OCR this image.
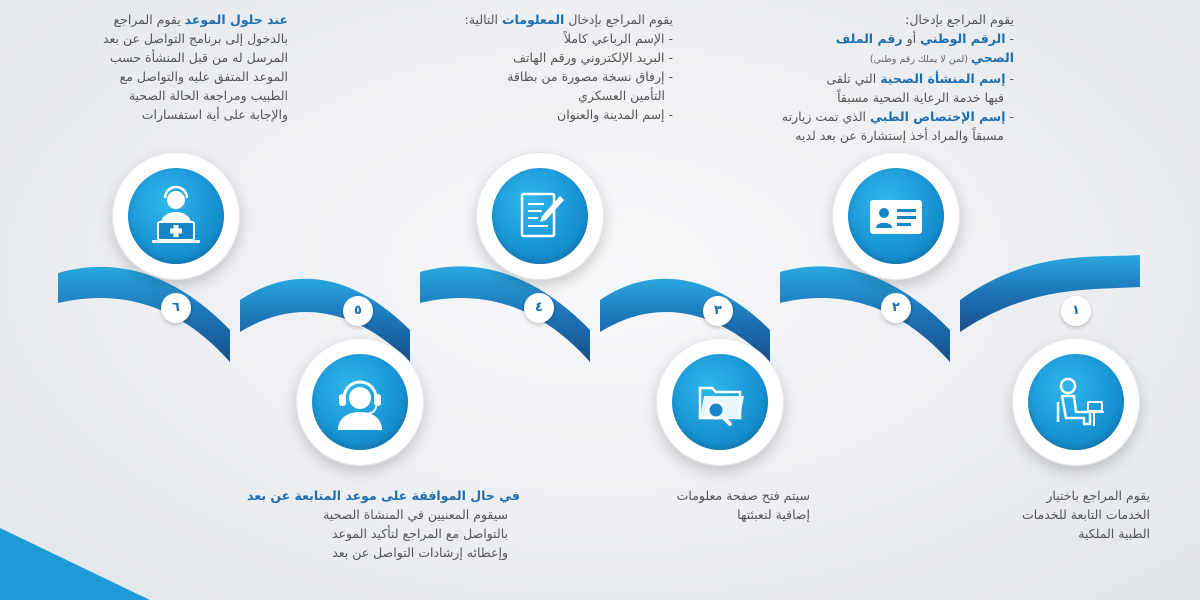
عند حلول الموعد يقوم المراجع

بالدخول إلى برنامج التواصل عن بعد

المرسل له من قبل المنشأة حسب

الموعد المتفق عليه والتواصل مع

الطبيب ومراجعة الحالة الصحية

والإجابة على أية استفسارات

يقوم المراجع بإدخال المعلومات التالية:

- الإسم الرباعي كاملاً

- البريد الإلكتروني ورقم الهاتف

- إرفاق نسخة مصورة من بطاقة

التأمين العسكري

- إسم المدينة والعنوان

يقوم المراجع بإدخال:

- الرقم الوطني أو رقم الملف

الصحي (لمن لا يملك رقم وطني)

- إسم المنشأة الصحية التي تلقى

فيها خدمة الرعاية الصحية مسبقاً

- إسم الإختصاص الطبي الذي تمت زيارته

مسبقاً والمراد أخذ إستشارة عن بعد لديه

في حال الموافقة على موعد المتابعة عن بعد

سيقوم المعنيين في المنشاة الصحية

بالتواصل مع المراجع لتأكيد الموعد

وإعطائه إرشادات التواصل عن بعد

سيتم فتح صفحة معلومات

إضافية لتعبئتها

يقوم المراجع باختيار

الخدمات التابعة للخدمات

الطبية الملكية

٦	٥	٤	٣	٢	١
